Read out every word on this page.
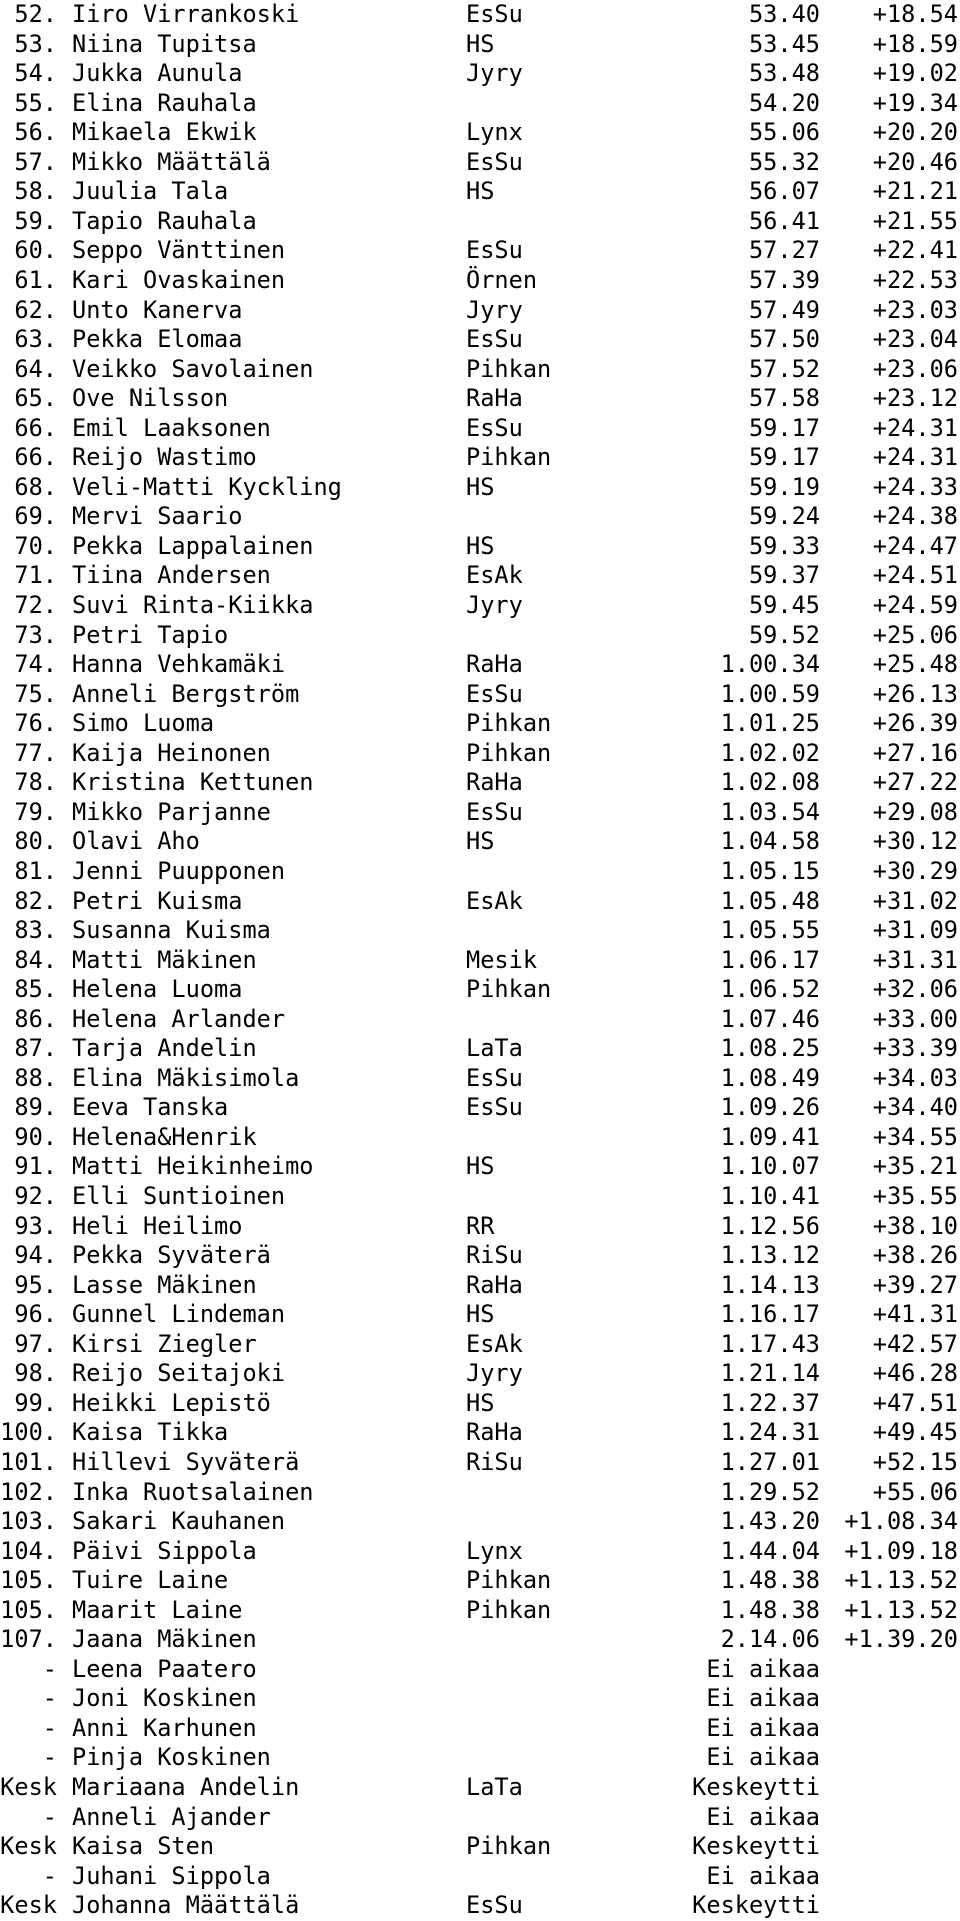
52. Iiro Virrankoski	EsSu	53.40 +18.54
53. Niina Tupitsa	HS	53.45 +18.59
54. Jukka Aunula	Jyry	53.48 +19.02
55. Elina Rauhala	54.20 +19.34
56. Mikaela Ekwik	Lynx	55.06 +20.20
57. Mikko Määttälä	EsSu	55.32 +20.46
58. Juulia Tala	HS	56.07 +21.21
59. Tapio Rauhala	56.41 +21.55
60. Seppo Vänttinen	EsSu	57.27 +22.41
61. Kari Ovaskainen	Örnen	57.39 +22.53
62. Unto Kanerva	Jyry	57.49 +23.03
63. Pekka Elomaa	EsSu	57.50 +23.04
64. Veikko Savolainen	Pihkan	57.52 +23.06
65. Ove Nilsson	RaHa	57.58 +23.12
66. Emil Laaksonen	EsSu	59.17 +24.31
66. Reijo Wastimo	Pihkan	59.17 +24.31
68. Veli-Matti Kyckling	HS	59.19 +24.33
69. Mervi Saario	59.24 +24.38
70. Pekka Lappalainen	HS	59.33 +24.47
71. Tiina Andersen	EsAk	59.37 +24.51
72. Suvi Rinta-Kiikka	Jyry	59.45 +24.59
73. Petri Tapio	59.52 +25.06
74. Hanna Vehkamäki	RaHa	1.00.34 +25.48
75. Anneli Bergström	EsSu	1.00.59 +26.13
76. Simo Luoma	Pihkan	1.01.25 +26.39
77. Kaija Heinonen	Pihkan	1.02.02 +27.16
78. Kristina Kettunen	RaHa	1.02.08 +27.22
79. Mikko Parjanne	EsSu	1.03.54 +29.08
80. Olavi Aho	HS	1.04.58 +30.12
81. Jenni Puupponen	1.05.15 +30.29
82. Petri Kuisma	EsAk	1.05.48 +31.02
83. Susanna Kuisma	1.05.55 +31.09
84. Matti Mäkinen	Mesik	1.06.17 +31.31
85. Helena Luoma	Pihkan	1.06.52 +32.06
86. Helena Arlander	1.07.46 +33.00
87. Tarja Andelin	LaTa	1.08.25 +33.39
88. Elina Mäkisimola	EsSu	1.08.49 +34.03
89. Eeva Tanska	EsSu	1.09.26 +34.40
90. Helena&Henrik	1.09.41 +34.55
91. Matti Heikinheimo	HS	1.10.07 +35.21
92. Elli Suntioinen	1.10.41 +35.55
93. Heli Heilimo	RR	1.12.56 +38.10
94. Pekka Syväterä	RiSu	1.13.12 +38.26
95. Lasse Mäkinen	RaHa	1.14.13 +39.27
96. Gunnel Lindeman	HS	1.16.17 +41.31
97. Kirsi Ziegler	EsAk	1.17.43 +42.57
98. Reijo Seitajoki	Jyry	1.21.14 +46.28
99. Heikki Lepistö	HS	1.22.37 +47.51
100. Kaisa Tikka	RaHa	1.24.31 +49.45
101. Hillevi Syväterä	RiSu	1.27.01 +52.15
102. Inka Ruotsalainen	1.29.52 +55.06
103. Sakari Kauhanen	1.43.20 +1.08.34
104. Päivi Sippola	Lynx	1.44.04 +1.09.18
105. Tuire Laine	Pihkan	1.48.38 +1.13.52
105. Maarit Laine	Pihkan	1.48.38 +1.13.52
107. Jaana Mäkinen	2.14.06 +1.39.20
- Leena Paatero	Ei aikaa
- Joni Koskinen	Ei aikaa
- Anni Karhunen	Ei aikaa
- Pinja Koskinen	Ei aikaa
Kesk Mariaana Andelin	LaTa	Keskeytti
- Anneli Ajander	Ei aikaa
Kesk Kaisa Sten	Pihkan	Keskeytti
- Juhani Sippola	Ei aikaa
Kesk Johanna Määttälä	EsSu	Keskeytti
